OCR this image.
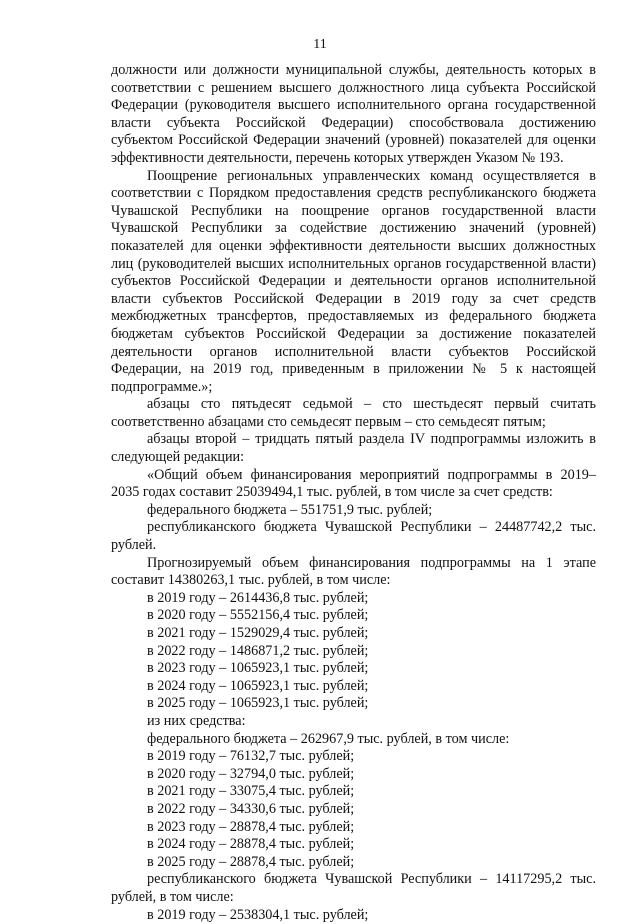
11

должности или должности муниципальной службы, деятельность которых в соответствии с решением высшего должностного лица субъекта Российской Федерации (руководителя высшего исполнительного органа государственной власти субъекта Российской Федерации) способствовала достижению субъектом Российской Федерации значений (уровней) показателей для оценки эффективности деятельности, перечень которых утвержден Указом № 193.

Поощрение региональных управленческих команд осуществляется в соответствии с Порядком предоставления средств республиканского бюджета Чувашской Республики на поощрение органов государственной власти Чувашской Республики за содействие достижению значений (уровней) показателей для оценки эффективности деятельности высших должностных лиц (руководителей высших исполнительных органов государственной власти) субъектов Российской Федерации и деятельности органов исполнительной власти субъектов Российской Федерации в 2019 году за счет средств межбюджетных трансфертов, предоставляемых из федерального бюджета бюджетам субъектов Российской Федерации за достижение показателей деятельности органов исполнительной власти субъектов Российской Федерации, на 2019 год, приведенным в приложении № 5 к настоящей подпрограмме.»;

абзацы сто пятьдесят седьмой – сто шестьдесят первый считать соответственно абзацами сто семьдесят первым – сто семьдесят пятым;

абзацы второй – тридцать пятый раздела IV подпрограммы изложить в следующей редакции:

«Общий объем финансирования мероприятий подпрограммы в 2019–2035 годах составит 25039494,1 тыс. рублей, в том числе за счет средств:

федерального бюджета – 551751,9 тыс. рублей;

республиканского бюджета Чувашской Республики – 24487742,2 тыс. рублей.

Прогнозируемый объем финансирования подпрограммы на 1 этапе составит 14380263,1 тыс. рублей, в том числе:

в 2019 году – 2614436,8 тыс. рублей;

в 2020 году – 5552156,4 тыс. рублей;

в 2021 году – 1529029,4 тыс. рублей;

в 2022 году – 1486871,2 тыс. рублей;

в 2023 году – 1065923,1 тыс. рублей;

в 2024 году – 1065923,1 тыс. рублей;

в 2025 году – 1065923,1 тыс. рублей;

из них средства:

федерального бюджета – 262967,9 тыс. рублей, в том числе:

в 2019 году – 76132,7 тыс. рублей;

в 2020 году – 32794,0 тыс. рублей;

в 2021 году – 33075,4 тыс. рублей;

в 2022 году – 34330,6 тыс. рублей;

в 2023 году – 28878,4 тыс. рублей;

в 2024 году – 28878,4 тыс. рублей;

в 2025 году – 28878,4 тыс. рублей;

республиканского бюджета Чувашской Республики – 14117295,2 тыс. рублей, в том числе:

в 2019 году – 2538304,1 тыс. рублей;
